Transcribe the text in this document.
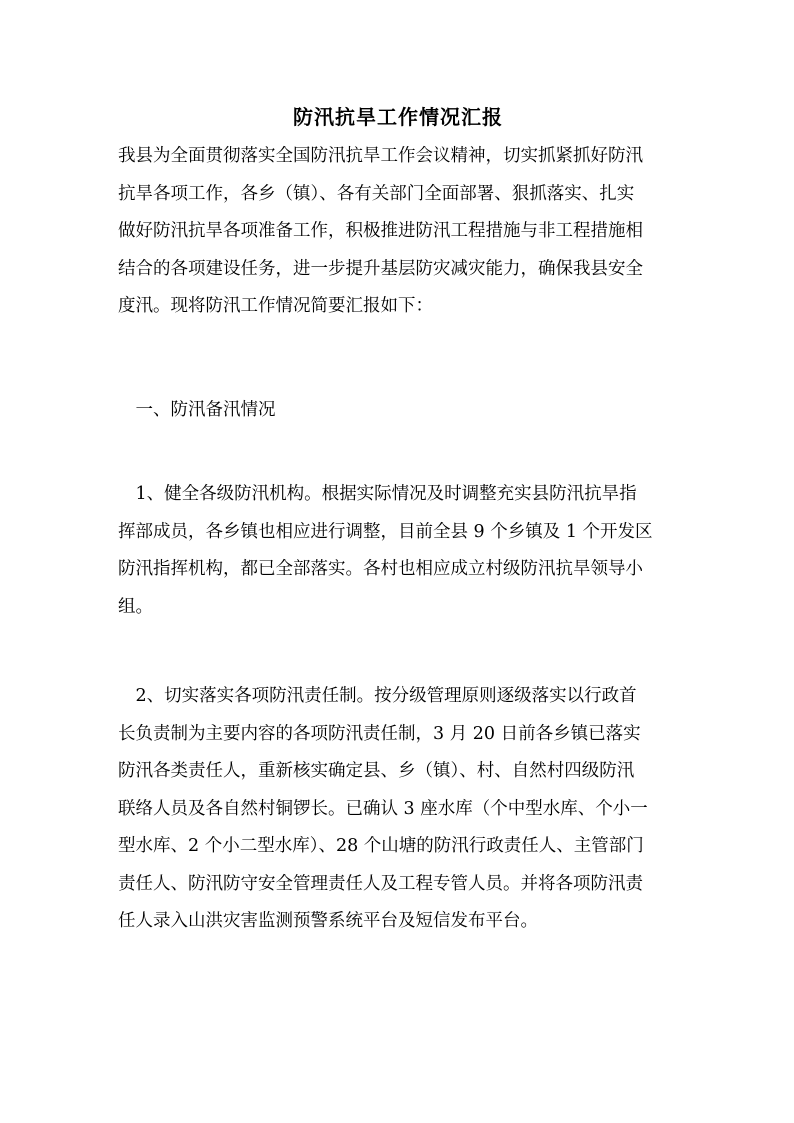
防汛抗旱工作情况汇报

我县为全面贯彻落实全国防汛抗旱工作会议精神，切实抓紧抓好防汛
抗旱各项工作，各乡（镇）、各有关部门全面部署、狠抓落实、扎实
做好防汛抗旱各项准备工作，积极推进防汛工程措施与非工程措施相
结合的各项建设任务，进一步提升基层防灾减灾能力，确保我县安全
度汛。现将防汛工作情况简要汇报如下：

　一、防汛备汛情况

　1、健全各级防汛机构。根据实际情况及时调整充实县防汛抗旱指
挥部成员，各乡镇也相应进行调整，目前全县 9 个乡镇及 1 个开发区
防汛指挥机构，都已全部落实。各村也相应成立村级防汛抗旱领导小
组。

　2、切实落实各项防汛责任制。按分级管理原则逐级落实以行政首
长负责制为主要内容的各项防汛责任制，3 月 20 日前各乡镇已落实
防汛各类责任人，重新核实确定县、乡（镇）、村、自然村四级防汛
联络人员及各自然村铜锣长。已确认 3 座水库（个中型水库、个小一
型水库、2 个小二型水库）、28 个山塘的防汛行政责任人、主管部门
责任人、防汛防守安全管理责任人及工程专管人员。并将各项防汛责
任人录入山洪灾害监测预警系统平台及短信发布平台。
